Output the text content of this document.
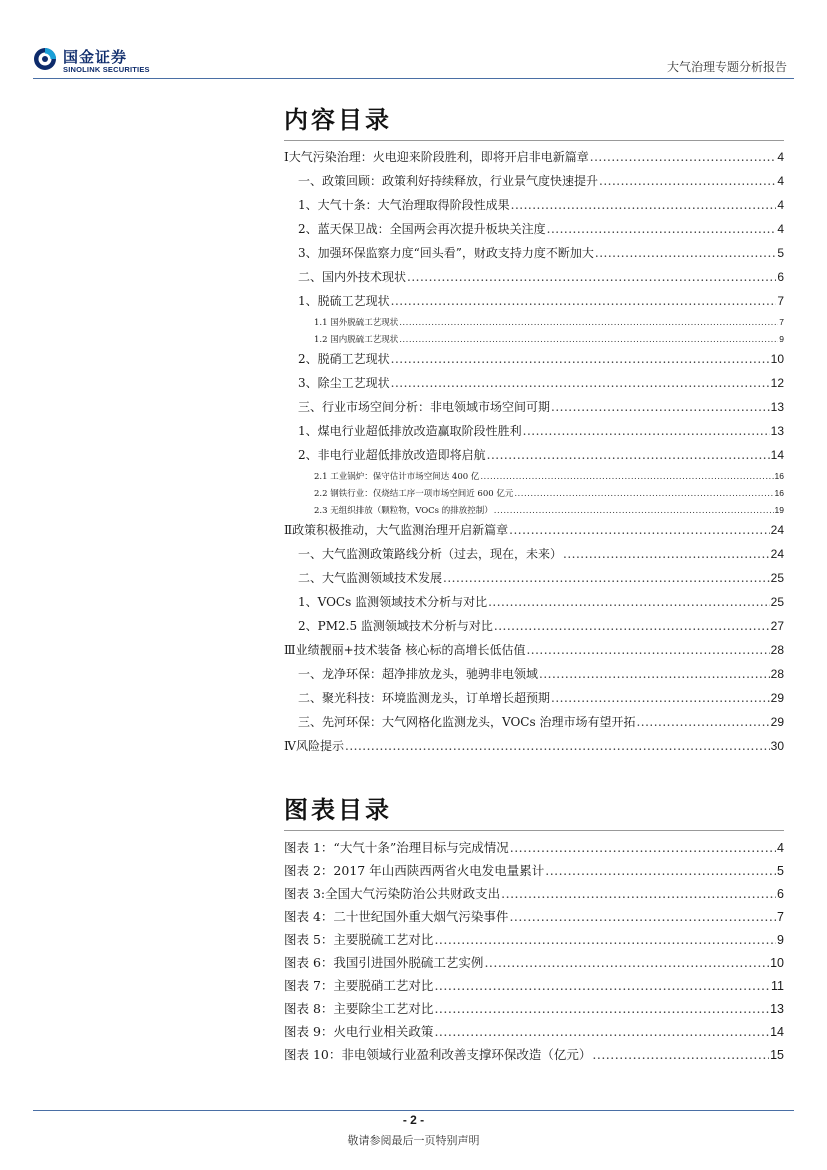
国金证券
SINOLINK SECURITIES	大气治理专题分析报告
内容目录
Ⅰ大气污染治理：火电迎来阶段胜利，即将开启非电新篇章 .....	4
一、政策回顾：政策利好持续释放，行业景气度快速提升 .....	4
1、大气十条：大气治理取得阶段性成果 .....	4
2、蓝天保卫战：全国两会再次提升板块关注度 .....	4
3、加强环保监察力度“回头看”，财政支持力度不断加大 .....	5
二、国内外技术现状 .....	6
1、脱硫工艺现状 .....	7
1.1 国外脱硫工艺现状 .....	7
1.2 国内脱硫工艺现状 .....	9
2、脱硝工艺现状 .....	10
3、除尘工艺现状 .....	12
三、行业市场空间分析：非电领域市场空间可期 .....	13
1、煤电行业超低排放改造赢取阶段性胜利 .....	13
2、非电行业超低排放改造即将启航 .....	14
2.1 工业锅炉：保守估计市场空间达 400 亿 .....	16
2.2 钢铁行业：仅烧结工序一项市场空间近 600 亿元 .....	16
2.3 无组织排放（颗粒物，VOCs 的排放控制） .....	19
Ⅱ政策积极推动，大气监测治理开启新篇章 .....	24
一、大气监测政策路线分析（过去，现在，未来） .....	24
二、大气监测领域技术发展 .....	25
1、VOCs 监测领域技术分析与对比 .....	25
2、PM2.5 监测领域技术分析与对比 .....	27
Ⅲ业绩靓丽+技术装备 核心标的高增长低估值 .....	28
一、龙净环保：超净排放龙头，驰骋非电领域 .....	28
二、聚光科技：环境监测龙头，订单增长超预期 .....	29
三、先河环保：大气网格化监测龙头，VOCs 治理市场有望开拓 .....	29
Ⅳ风险提示 .....	30
图表目录
图表 1：“大气十条”治理目标与完成情况 .....	4
图表 2：2017 年山西陕西两省火电发电量累计 .....	5
图表 3:全国大气污染防治公共财政支出 .....	6
图表 4：二十世纪国外重大烟气污染事件 .....	7
图表 5：主要脱硫工艺对比 .....	9
图表 6：我国引进国外脱硫工艺实例 .....	10
图表 7：主要脱硝工艺对比 .....	11
图表 8：主要除尘工艺对比 .....	13
图表 9：火电行业相关政策 .....	14
图表 10：非电领域行业盈利改善支撑环保改造（亿元） .....	15
- 2 -
敬请参阅最后一页特别声明
